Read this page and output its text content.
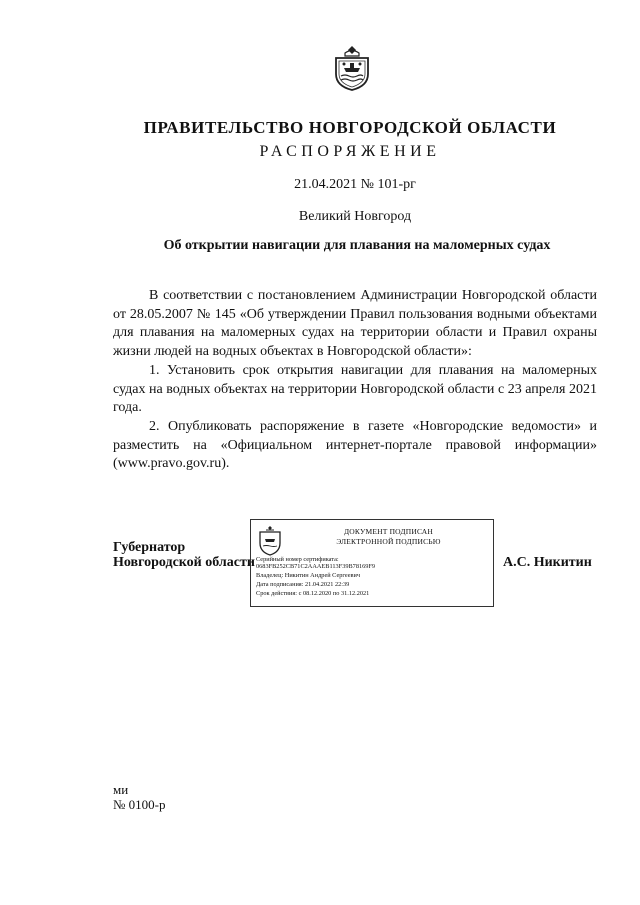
ПРАВИТЕЛЬСТВО НОВГОРОДСКОЙ ОБЛАСТИ
РАСПОРЯЖЕНИЕ
21.04.2021 № 101-рг
Великий Новгород
Об открытии навигации для плавания на маломерных судах
В соответствии с постановлением Администрации Новгородской области от 28.05.2007 № 145 «Об утверждении Правил пользования водными объектами для плавания на маломерных судах на территории области и Правил охраны жизни людей на водных объектах в Новгородской области»:
1. Установить срок открытия навигации для плавания на маломерных судах на водных объектах на территории Новгородской области с 23 апреля 2021 года.
2. Опубликовать распоряжение в газете «Новгородские ведомости» и разместить на «Официальном интернет-портале правовой информации» (www.pravo.gov.ru).
Губернатор
Новгородской области
ДОКУМЕНТ ПОДПИСАН
ЭЛЕКТРОННОЙ ПОДПИСЬЮ
Серийный номер сертификата:
0683FB252CB71C2AAAEB113F39B78169F9
Владелец: Никитин Андрей Сергеевич
Дата подписания: 21.04.2021 22:39
Срок действия: с 08.12.2020 по 31.12.2021
А.С. Никитин
ми
№ 0100-р
